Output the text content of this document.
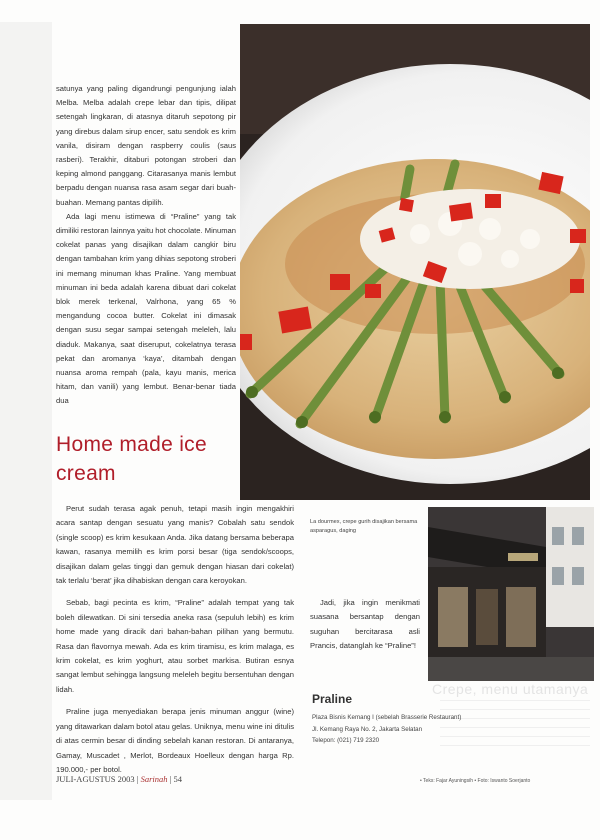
satunya yang paling digandrungi pengunjung ialah Melba. Melba adalah crepe lebar dan tipis, dilipat setengah lingkaran, di atasnya ditaruh sepotong pir yang direbus dalam sirup encer, satu sendok es krim vanila, disiram dengan raspberry coulis (saus rasberi). Terakhir, ditaburi potongan stroberi dan keping almond panggang. Citarasanya manis lembut berpadu dengan nuansa rasa asam segar dari buah-buahan. Memang pantas dipilih.

Ada lagi menu istimewa di “Praline” yang tak dimiliki restoran lainnya yaitu hot chocolate. Minuman cokelat panas yang disajikan dalam cangkir biru dengan tambahan krim yang dihias sepotong stroberi ini memang minuman khas Praline. Yang membuat minuman ini beda adalah karena dibuat dari cokelat blok merek terkenal, Valrhona, yang 65 % mengandung cocoa butter. Cokelat ini dimasak dengan susu segar sampai setengah meleleh, lalu diaduk. Makanya, saat diseruput, cokelatnya terasa pekat dan aromanya ‘kaya’, ditambah dengan nuansa aroma rempah (pala, kayu manis, merica hitam, dan vanili) yang lembut. Benar-benar tiada dua

Home made ice cream

Perut sudah terasa agak penuh, tetapi masih ingin mengakhiri acara santap dengan sesuatu yang manis? Cobalah satu sendok (single scoop) es krim kesukaan Anda. Jika datang bersama beberapa kawan, rasanya memilih es krim porsi besar (tiga sendok/scoops, disajikan dalam gelas tinggi dan gemuk dengan hiasan dari cokelat) tak terlalu ‘berat’ jika dihabiskan dengan cara keroyokan.

Sebab, bagi pecinta es krim, “Praline” adalah tempat yang tak boleh dilewatkan. Di sini tersedia aneka rasa (sepuluh lebih) es krim home made yang diracik dari bahan-bahan pilihan yang bermutu. Rasa dan flavornya mewah. Ada es krim tiramisu, es krim malaga, es krim cokelat, es krim yoghurt, atau sorbet markisa. Butiran esnya sangat lembut sehingga langsung meleleh begitu bersentuhan dengan lidah.

Praline juga menyediakan berapa jenis minuman anggur (wine) yang ditawarkan dalam botol atau gelas. Uniknya, menu wine ini ditulis di atas cermin besar di dinding sebelah kanan restoran. Di antaranya, Gamay, Muscadet , Merlot, Bordeaux Hoelleux dengan harga Rp. 190.000,- per botol.

La dourmex, crepe gurih disajikan bersama asparagus, daging

Jadi, jika ingin menikmati suasana bersantap dengan suguhan bercitarasa asli Prancis, datanglah ke “Praline”!

Crepe, menu utamanya
Praline
Plaza Bisnis Kemang I (sebelah Brasserie Restaurant)
Jl. Kemang Raya No. 2, Jakarta Selatan
Telepon: (021) 719 2320
• Teks: Fajar Ayuningsih • Foto: Iswanto Soerjanto
JULI-AGUSTUS 2003 | Sarinah | 54
